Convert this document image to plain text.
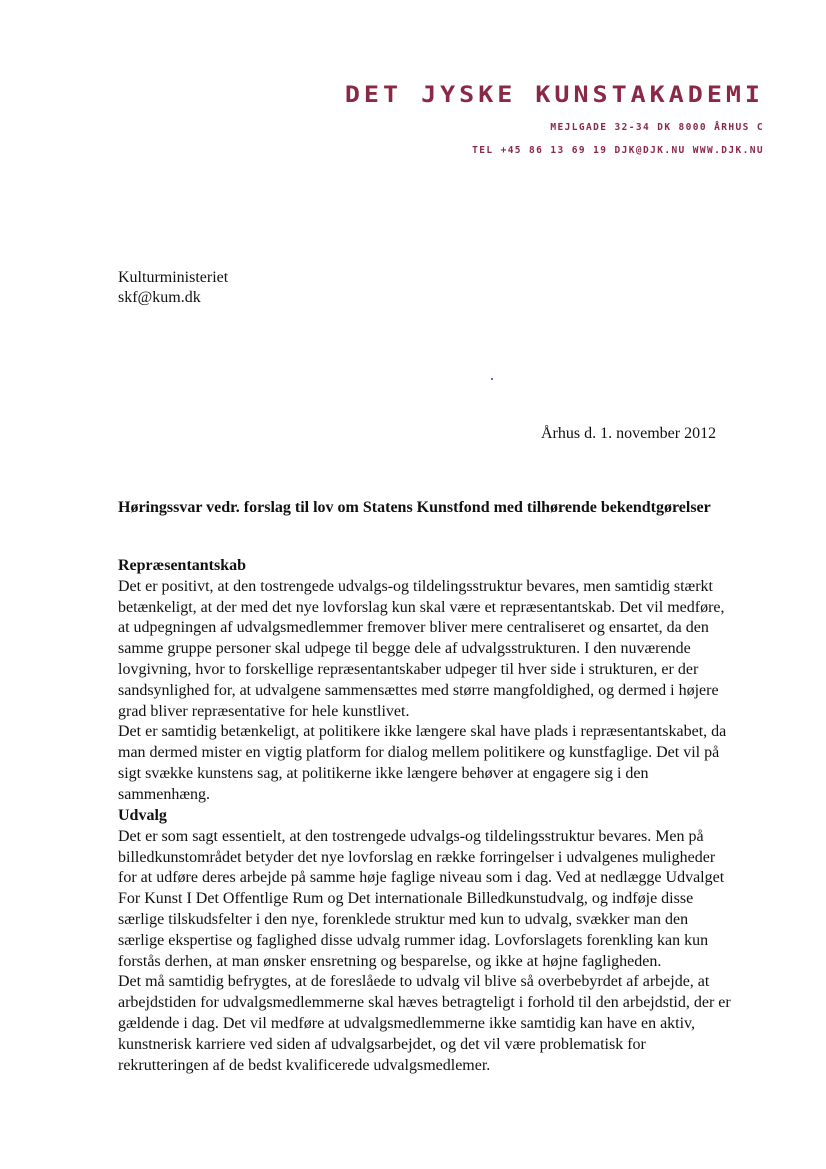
DET JYSKE KUNSTAKADEMI
MEJLGADE 32-34 DK 8000 ÅRHUS C
TEL +45 86 13 69 19 DJK@DJK.NU WWW.DJK.NU
Kulturministeriet
skf@kum.dk
Århus d. 1. november 2012
Høringssvar vedr. forslag til lov om Statens Kunstfond med tilhørende bekendtgørelser
Repræsentantskab

Det er positivt, at den tostrengede udvalgs-og tildelingsstruktur bevares, men samtidig stærkt

betænkeligt, at der med det nye lovforslag kun skal være et repræsentantskab. Det vil medføre,

at udpegningen af udvalgsmedlemmer fremover bliver mere centraliseret og ensartet, da den

samme gruppe personer skal udpege til begge dele af udvalgsstrukturen. I den nuværende

lovgivning, hvor to forskellige repræsentantskaber udpeger til hver side i strukturen, er der

sandsynlighed for, at udvalgene sammensættes med større mangfoldighed, og dermed i højere

grad bliver repræsentative for hele kunstlivet.

Det er samtidig betænkeligt, at politikere ikke længere skal have plads i repræsentantskabet, da

man dermed mister en vigtig platform for dialog mellem politikere og kunstfaglige. Det vil på

sigt svække kunstens sag, at politikerne ikke længere behøver at engagere sig i den

sammenhæng.

Udvalg

Det er som sagt essentielt, at den tostrengede udvalgs-og tildelingsstruktur bevares. Men på

billedkunstområdet betyder det nye lovforslag en række forringelser i udvalgenes muligheder

for at udføre deres arbejde på samme høje faglige niveau som i dag. Ved at nedlægge Udvalget

For Kunst I Det Offentlige Rum og Det internationale Billedkunstudvalg, og indføje disse

særlige tilskudsfelter i den nye, forenklede struktur med kun to udvalg, svækker man den

særlige ekspertise og faglighed disse udvalg rummer idag. Lovforslagets forenkling kan kun

forstås derhen, at man ønsker ensretning og besparelse, og ikke at højne fagligheden.

Det må samtidig befrygtes, at de foreslåede to udvalg vil blive så overbebyrdet af arbejde, at

arbejdstiden for udvalgsmedlemmerne skal hæves betragteligt i forhold til den arbejdstid, der er

gældende i dag. Det vil medføre at udvalgsmedlemmerne ikke samtidig kan have en aktiv,

kunstnerisk karriere ved siden af udvalgsarbejdet, og det vil være problematisk for

rekrutteringen af de bedst kvalificerede udvalgsmedlemer.
